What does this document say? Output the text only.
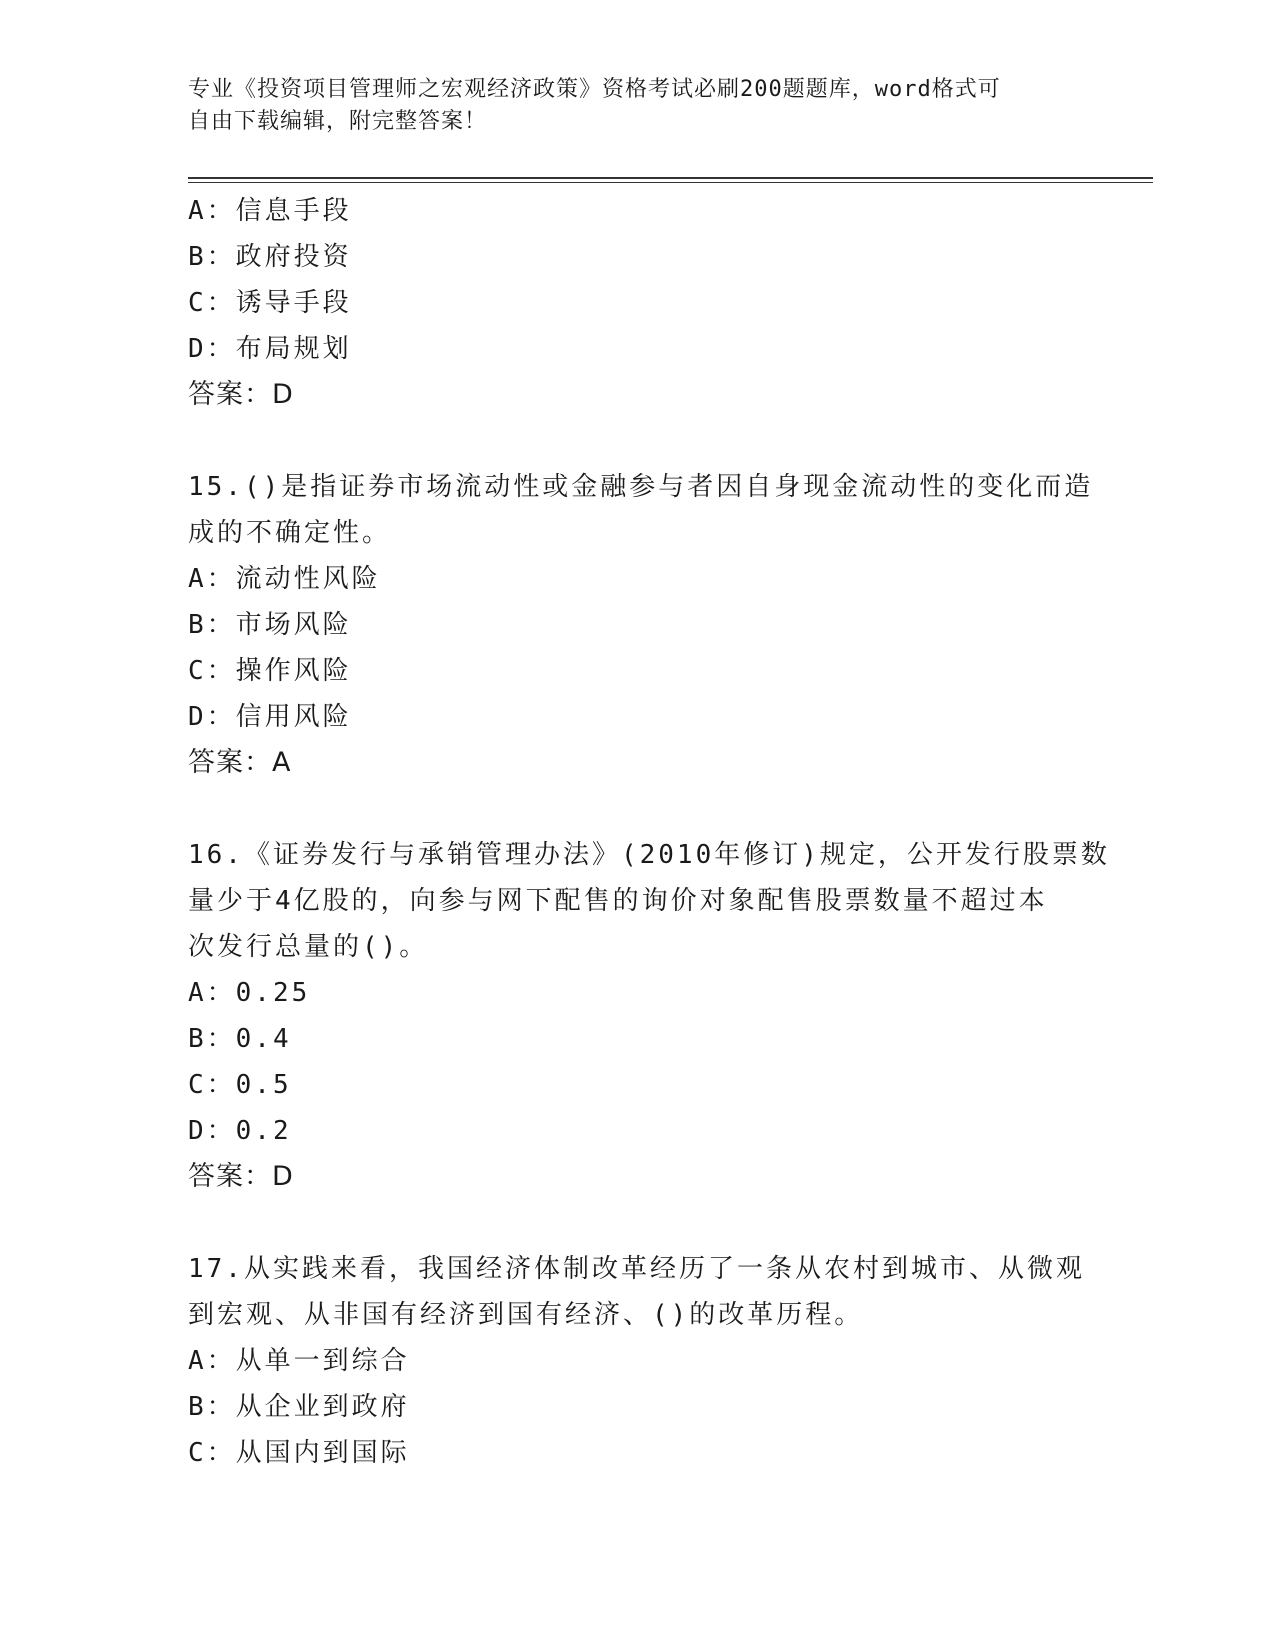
专业《投资项目管理师之宏观经济政策》资格考试必刷200题题库，word格式可
自由下载编辑，附完整答案！
A：信息手段
B：政府投资
C：诱导手段
D：布局规划
答案：D
15.()是指证券市场流动性或金融参与者因自身现金流动性的变化而造
成的不确定性。
A：流动性风险
B：市场风险
C：操作风险
D：信用风险
答案：A
16.《证券发行与承销管理办法》(2010年修订)规定，公开发行股票数
量少于4亿股的，向参与网下配售的询价对象配售股票数量不超过本
次发行总量的()。
A：0.25
B：0.4
C：0.5
D：0.2
答案：D
17.从实践来看，我国经济体制改革经历了一条从农村到城市、从微观
到宏观、从非国有经济到国有经济、()的改革历程。
A：从单一到综合
B：从企业到政府
C：从国内到国际
